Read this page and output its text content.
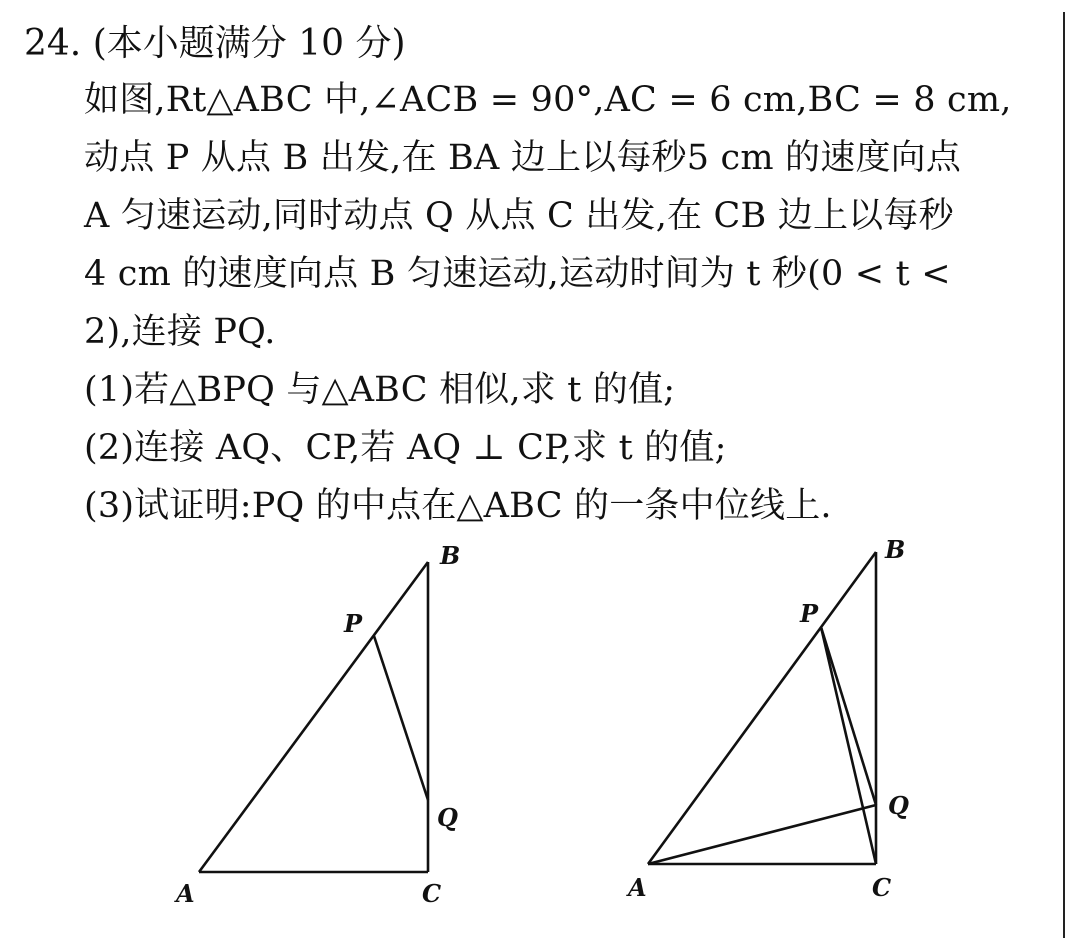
24. (本小题满分 10 分)
如图,Rt△ABC 中,∠ACB = 90°,AC = 6 cm,BC = 8 cm,
动点 P 从点 B 出发,在 BA 边上以每秒5 cm 的速度向点
A 匀速运动,同时动点 Q 从点 C 出发,在 CB 边上以每秒
4 cm 的速度向点 B 匀速运动,运动时间为 t 秒(0 < t <
2),连接 PQ.
(1)若△BPQ 与△ABC 相似,求 t 的值;
(2)连接 AQ、CP,若 AQ ⊥ CP,求 t 的值;
(3)试证明:PQ 的中点在△ABC 的一条中位线上.
B
P
Q
A	C
B
P
Q
A	C
